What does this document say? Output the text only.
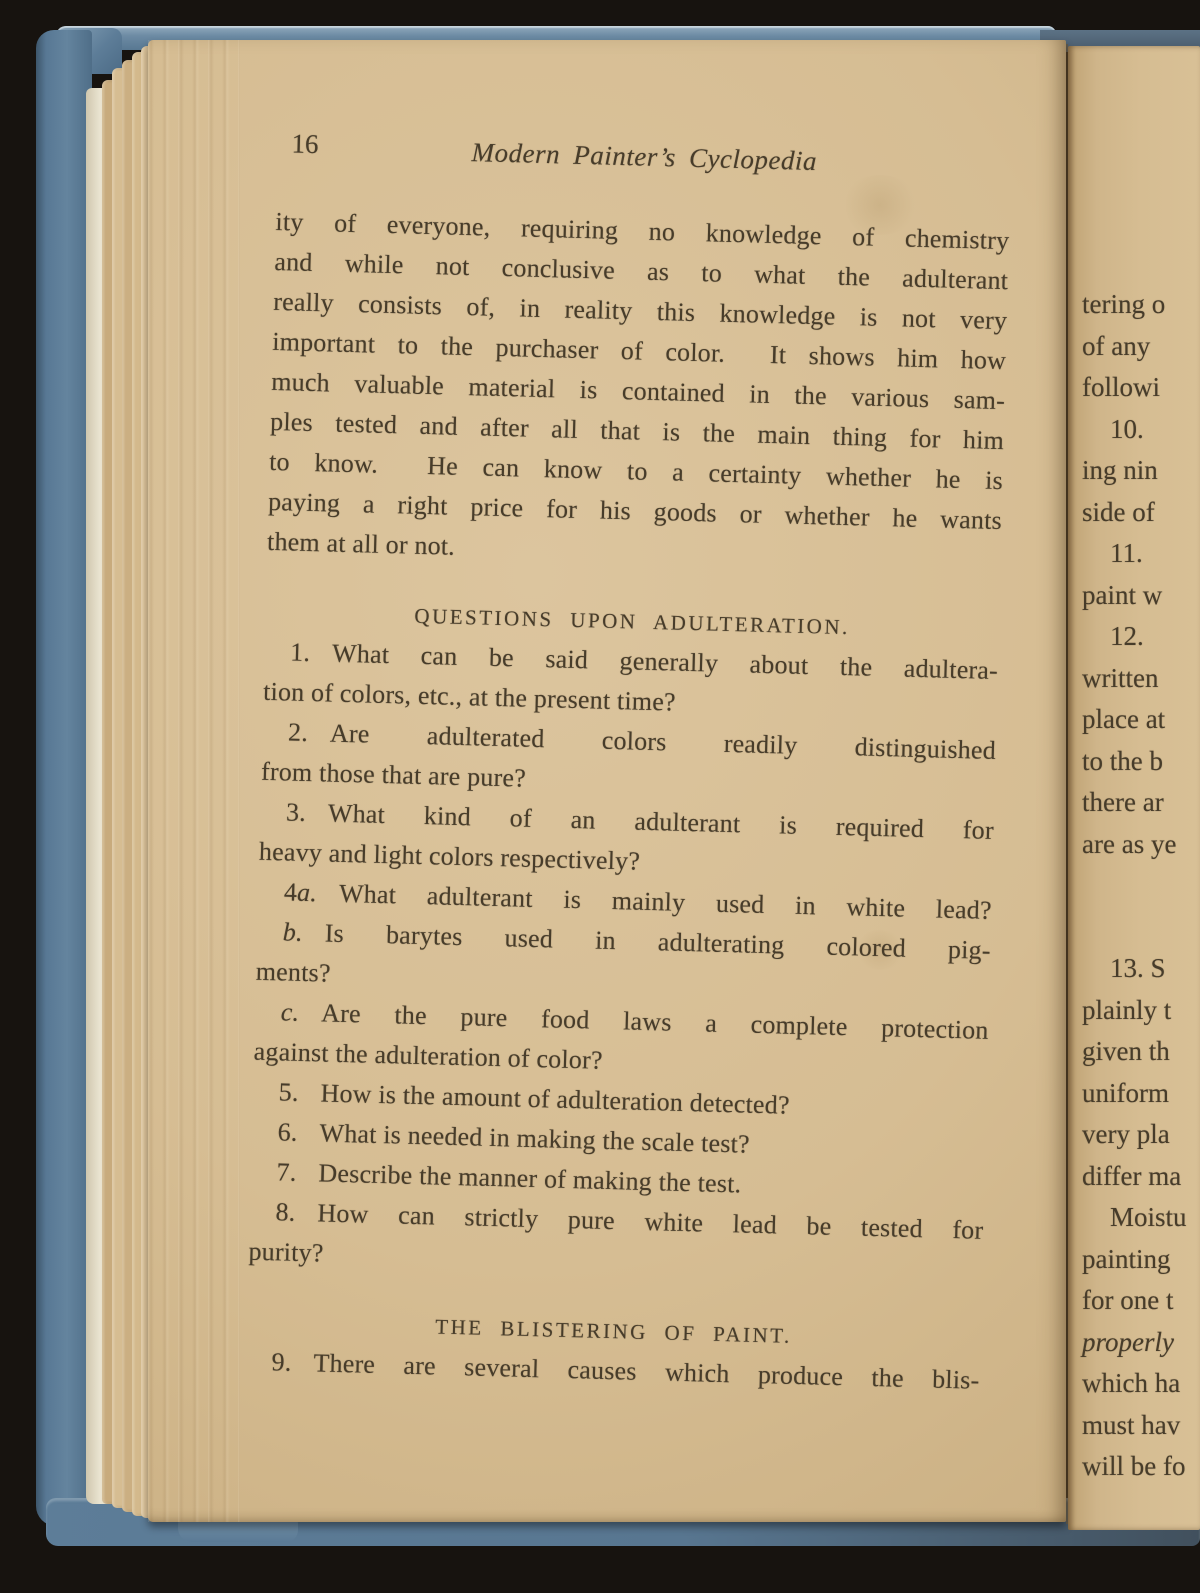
16	Modern Painter’s Cyclopedia
ity of everyone, requiring no knowledge of chemistry
and while not conclusive as to what the adulterant
really consists of, in reality this knowledge is not very
important to the purchaser of color.  It shows him how
much valuable material is contained in the various sam-
ples tested and after all that is the main thing for him
to know.  He can know to a certainty whether he is
paying a right price for his goods or whether he wants
them at all or not.
QUESTIONS UPON ADULTERATION.
1. What can be said generally about the adultera-
tion of colors, etc., at the present time?
2. Are adulterated colors readily distinguished
from those that are pure?
3. What kind of an adulterant is required for
heavy and light colors respectively?
4a. What adulterant is mainly used in white lead?
b. Is barytes used in adulterating colored pig-
ments?
c. Are the pure food laws a complete protection
against the adulteration of color?
5. How is the amount of adulteration detected?
6. What is needed in making the scale test?
7. Describe the manner of making the test.
8. How can strictly pure white lead be tested for
purity?
THE BLISTERING OF PAINT.
9. There are several causes which produce the blis-
tering o
of any
followi
10.
ing nin
side of
11.
paint w
12.
written
place at
to the b
there ar
are as ye

13. S
plainly t
given th
uniform
very pla
differ ma
Moistu
painting
for one t
properly
which ha
must hav
will be fo
